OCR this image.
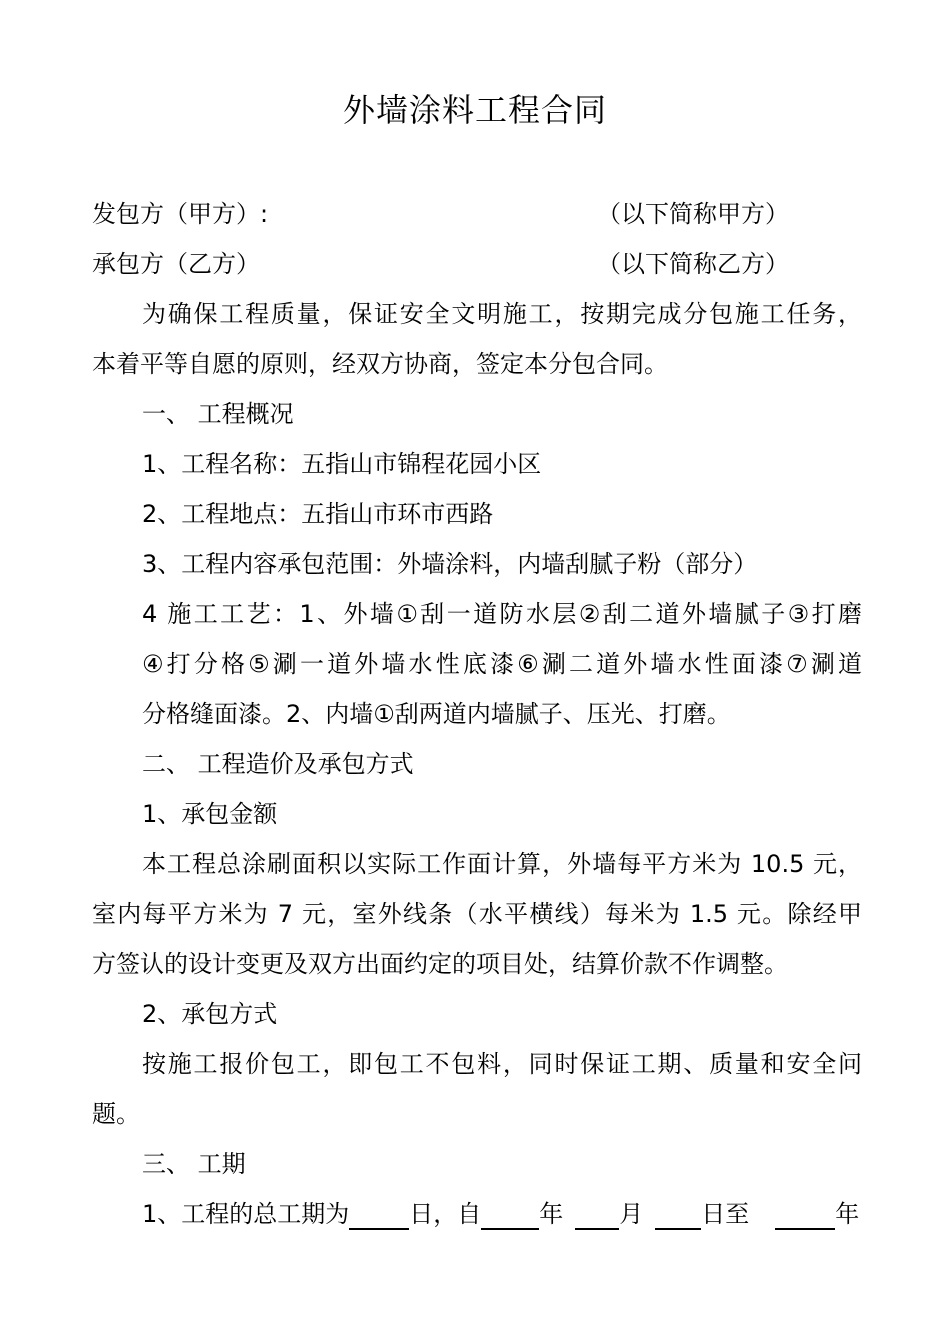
外墙涂料工程合同
发包方（甲方）:	（以下简称甲方）
承包方（乙方）	（以下简称乙方）
为确保工程质量，保证安全文明施工，按期完成分包施工任务，
本着平等自愿的原则，经双方协商，签定本分包合同。
一、 工程概况
1、工程名称：五指山市锦程花园小区
2、工程地点：五指山市环市西路
3、工程内容承包范围：外墙涂料，内墙刮腻子粉（部分）
4 施工工艺：1、外墙①刮一道防水层②刮二道外墙腻子③打磨
④打分格⑤涮一道外墙水性底漆⑥涮二道外墙水性面漆⑦涮道
分格缝面漆。2、内墙①刮两道内墙腻子、压光、打磨。
二、 工程造价及承包方式
1、承包金额
本工程总涂刷面积以实际工作面计算，外墙每平方米为 10.5 元，
室内每平方米为 7 元，室外线条（水平横线）每米为 1.5 元。除经甲
方签认的设计变更及双方出面约定的项目处，结算价款不作调整。
2、承包方式
按施工报价包工，即包工不包料，同时保证工期、质量和安全问
题。
三、 工期
1、工程的总工期为	日，自 年 月 日至	年
